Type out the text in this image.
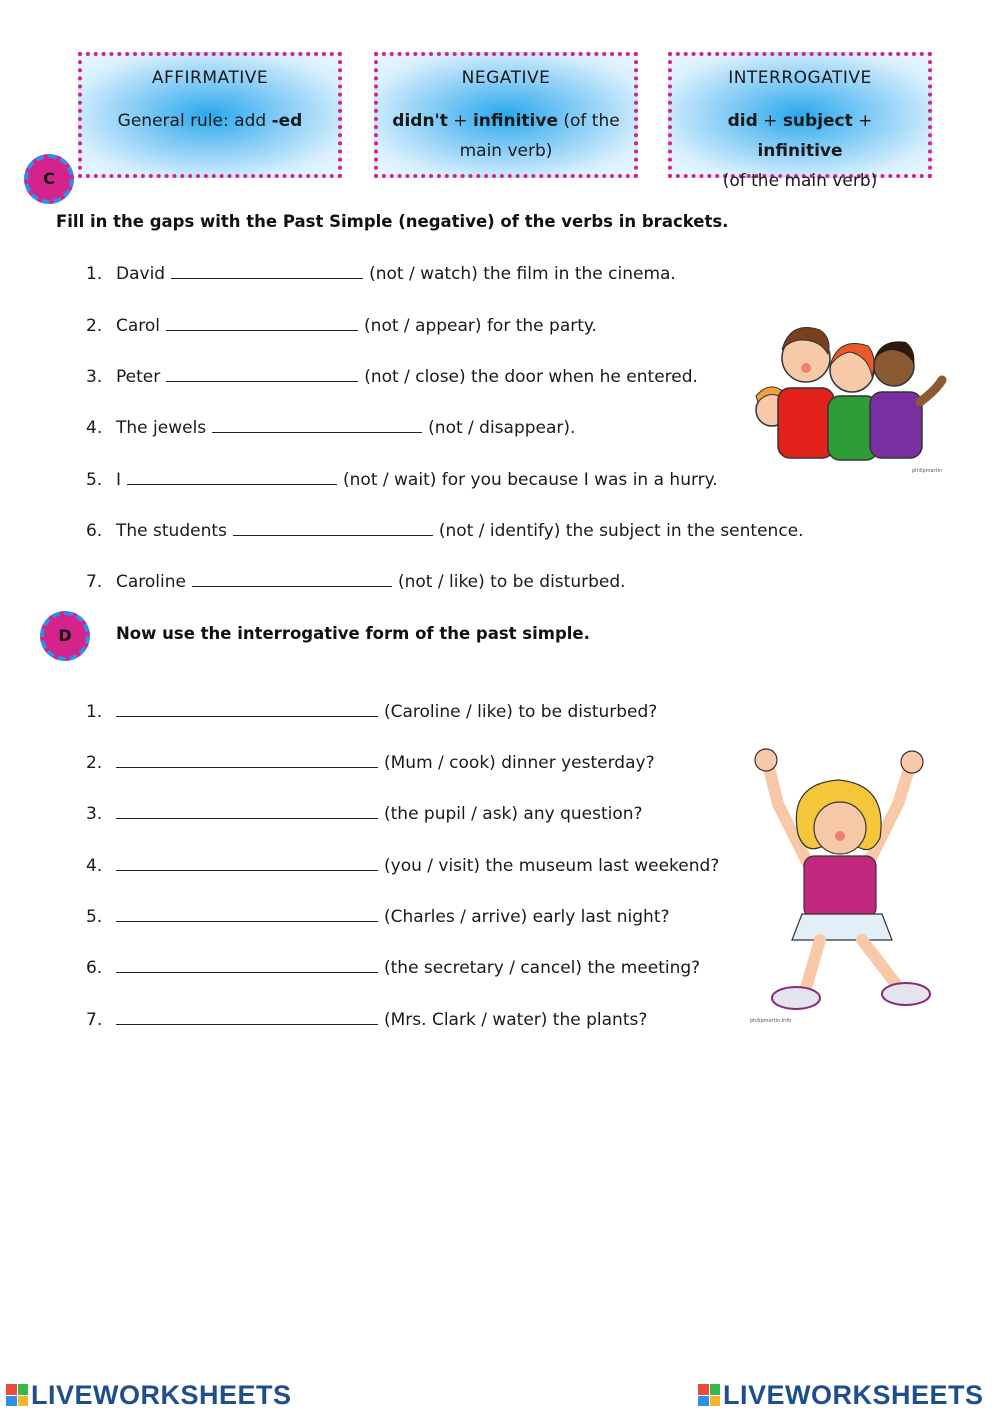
AFFIRMATIVE
General rule: add -ed
NEGATIVE
didn't + infinitive (of the
main verb)
INTERROGATIVE
did + subject + infinitive
(of the main verb)
C
Fill in the gaps with the Past Simple (negative) of the verbs in brackets.
1. David	(not / watch) the film in the cinema.
2. Carol	(not / appear) for the party.
3. Peter	(not / close) the door when he entered.
4. The jewels	(not / disappear).
5. I	(not / wait) for you because I was in a hurry.
6. The students	(not / identify) the subject in the sentence.
7. Caroline	(not / like) to be disturbed.
D	Now use the interrogative form of the past simple.
1.	(Caroline / like) to be disturbed?
2.	(Mum / cook) dinner yesterday?
3.	(the pupil / ask) any question?
4.	(you / visit) the museum last weekend?
5.	(Charles / arrive) early last night?
6.	(the secretary / cancel) the meeting?
7.	(Mrs. Clark / water) the plants?
philipmartin
philipmartin.info
LIVEWORKSHEETS	LIVEWORKSHEETS
